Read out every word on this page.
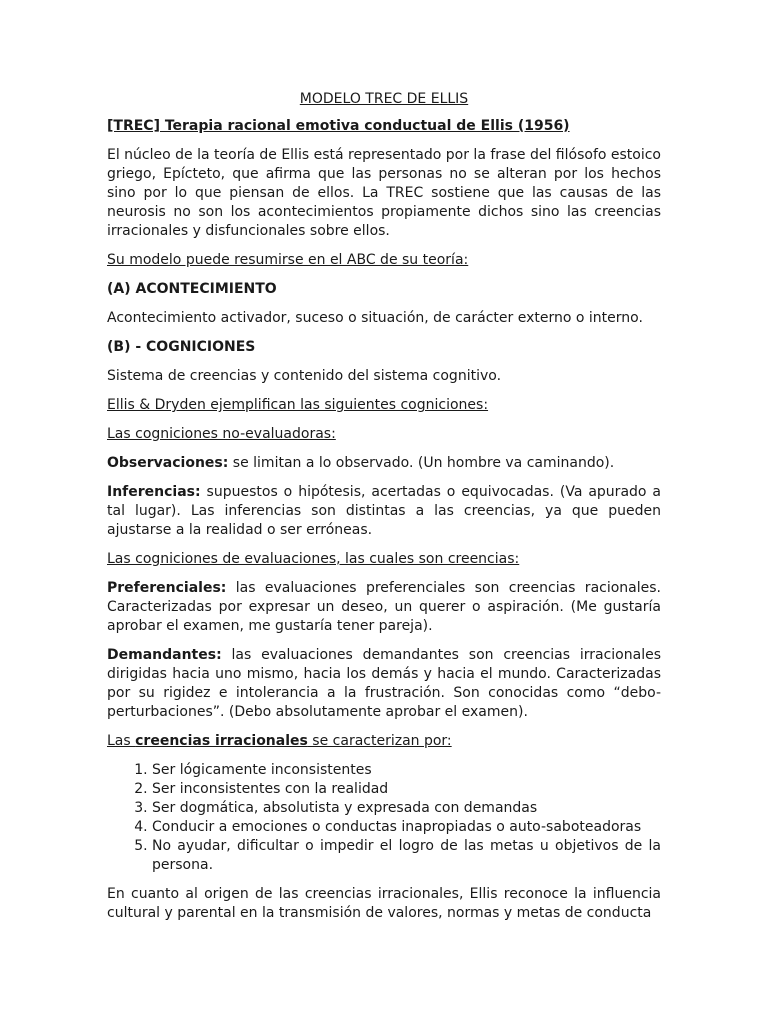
MODELO TREC DE ELLIS
[TREC] Terapia racional emotiva conductual de Ellis (1956)

El núcleo de la teoría de Ellis está representado por la frase del filósofo estoico griego, Epícteto, que afirma que las personas no se alteran por los hechos sino por lo que piensan de ellos. La TREC sostiene que las causas de las neurosis no son los acontecimientos propiamente dichos sino las creencias irracionales y disfuncionales sobre ellos.

Su modelo puede resumirse en el ABC de su teoría:

(A) ACONTECIMIENTO

Acontecimiento activador, suceso o situación, de carácter externo o interno.

(B) - COGNICIONES

Sistema de creencias y contenido del sistema cognitivo.

Ellis & Dryden ejemplifican las siguientes cogniciones:

Las cogniciones no-evaluadoras:

Observaciones: se limitan a lo observado. (Un hombre va caminando).

Inferencias: supuestos o hipótesis, acertadas o equivocadas. (Va apurado a tal lugar). Las inferencias son distintas a las creencias, ya que pueden ajustarse a la realidad o ser erróneas.

Las cogniciones de evaluaciones, las cuales son creencias:

Preferenciales: las evaluaciones preferenciales son creencias racionales. Caracterizadas por expresar un deseo, un querer o aspiración. (Me gustaría aprobar el examen, me gustaría tener pareja).

Demandantes: las evaluaciones demandantes son creencias irracionales dirigidas hacia uno mismo, hacia los demás y hacia el mundo. Caracterizadas por su rigidez e intolerancia a la frustración. Son conocidas como “debo-perturbaciones”. (Debo absolutamente aprobar el examen).

Las creencias irracionales se caracterizan por:

1. Ser lógicamente inconsistentes
2. Ser inconsistentes con la realidad
3. Ser dogmática, absolutista y expresada con demandas
4. Conducir a emociones o conductas inapropiadas o auto-saboteadoras
5. No ayudar, dificultar o impedir el logro de las metas u objetivos de la persona.

En cuanto al origen de las creencias irracionales, Ellis reconoce la influencia cultural y parental en la transmisión de valores, normas y metas de conducta
